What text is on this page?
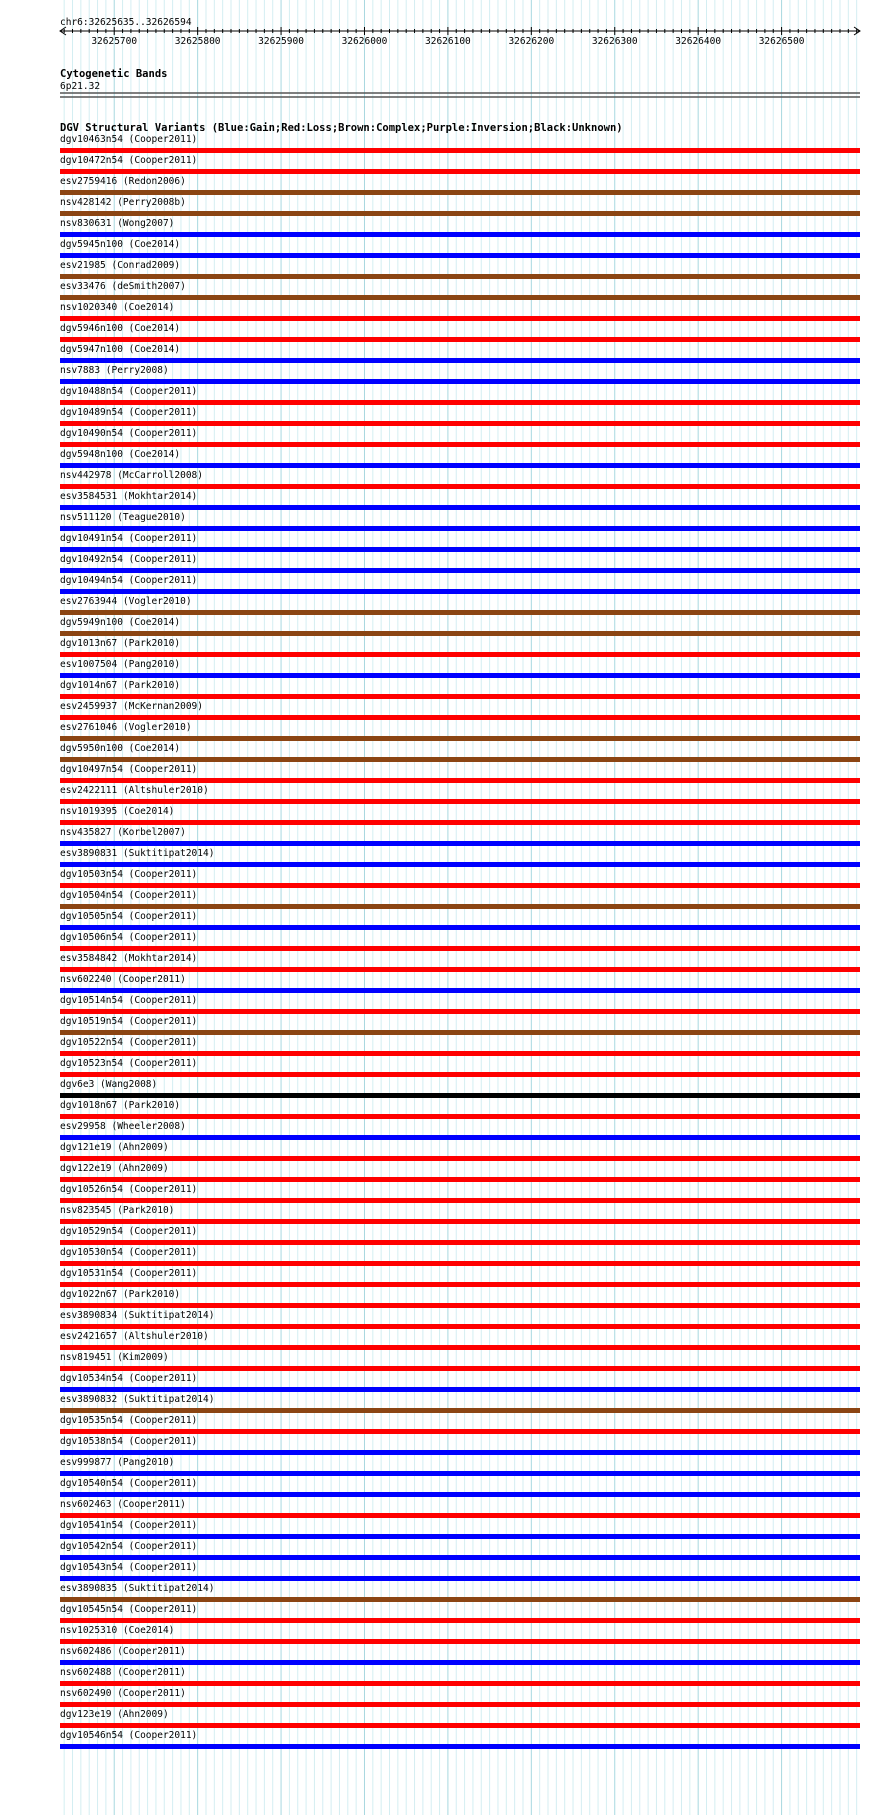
chr6:32625635..32626594
32625700	32625800	32625900	32626000	32626100	32626200	32626300	32626400	32626500
Cytogenetic Bands
6p21.32
DGV Structural Variants (Blue:Gain;Red:Loss;Brown:Complex;Purple:Inversion;Black:Unknown)
dgv10463n54 (Cooper2011)
dgv10472n54 (Cooper2011)
esv2759416 (Redon2006)
nsv428142 (Perry2008b)
nsv830631 (Wong2007)
dgv5945n100 (Coe2014)
esv21985 (Conrad2009)
esv33476 (deSmith2007)
nsv1020340 (Coe2014)
dgv5946n100 (Coe2014)
dgv5947n100 (Coe2014)
nsv7883 (Perry2008)
dgv10488n54 (Cooper2011)
dgv10489n54 (Cooper2011)
dgv10490n54 (Cooper2011)
dgv5948n100 (Coe2014)
nsv442978 (McCarroll2008)
esv3584531 (Mokhtar2014)
nsv511120 (Teague2010)
dgv10491n54 (Cooper2011)
dgv10492n54 (Cooper2011)
dgv10494n54 (Cooper2011)
esv2763944 (Vogler2010)
dgv5949n100 (Coe2014)
dgv1013n67 (Park2010)
esv1007504 (Pang2010)
dgv1014n67 (Park2010)
esv2459937 (McKernan2009)
esv2761046 (Vogler2010)
dgv5950n100 (Coe2014)
dgv10497n54 (Cooper2011)
esv2422111 (Altshuler2010)
nsv1019395 (Coe2014)
nsv435827 (Korbel2007)
esv3890831 (Suktitipat2014)
dgv10503n54 (Cooper2011)
dgv10504n54 (Cooper2011)
dgv10505n54 (Cooper2011)
dgv10506n54 (Cooper2011)
esv3584842 (Mokhtar2014)
nsv602240 (Cooper2011)
dgv10514n54 (Cooper2011)
dgv10519n54 (Cooper2011)
dgv10522n54 (Cooper2011)
dgv10523n54 (Cooper2011)
dgv6e3 (Wang2008)
dgv1018n67 (Park2010)
esv29958 (Wheeler2008)
dgv121e19 (Ahn2009)
dgv122e19 (Ahn2009)
dgv10526n54 (Cooper2011)
nsv823545 (Park2010)
dgv10529n54 (Cooper2011)
dgv10530n54 (Cooper2011)
dgv10531n54 (Cooper2011)
dgv1022n67 (Park2010)
esv3890834 (Suktitipat2014)
esv2421657 (Altshuler2010)
nsv819451 (Kim2009)
dgv10534n54 (Cooper2011)
esv3890832 (Suktitipat2014)
dgv10535n54 (Cooper2011)
dgv10538n54 (Cooper2011)
esv999877 (Pang2010)
dgv10540n54 (Cooper2011)
nsv602463 (Cooper2011)
dgv10541n54 (Cooper2011)
dgv10542n54 (Cooper2011)
dgv10543n54 (Cooper2011)
esv3890835 (Suktitipat2014)
dgv10545n54 (Cooper2011)
nsv1025310 (Coe2014)
nsv602486 (Cooper2011)
nsv602488 (Cooper2011)
nsv602490 (Cooper2011)
dgv123e19 (Ahn2009)
dgv10546n54 (Cooper2011)
